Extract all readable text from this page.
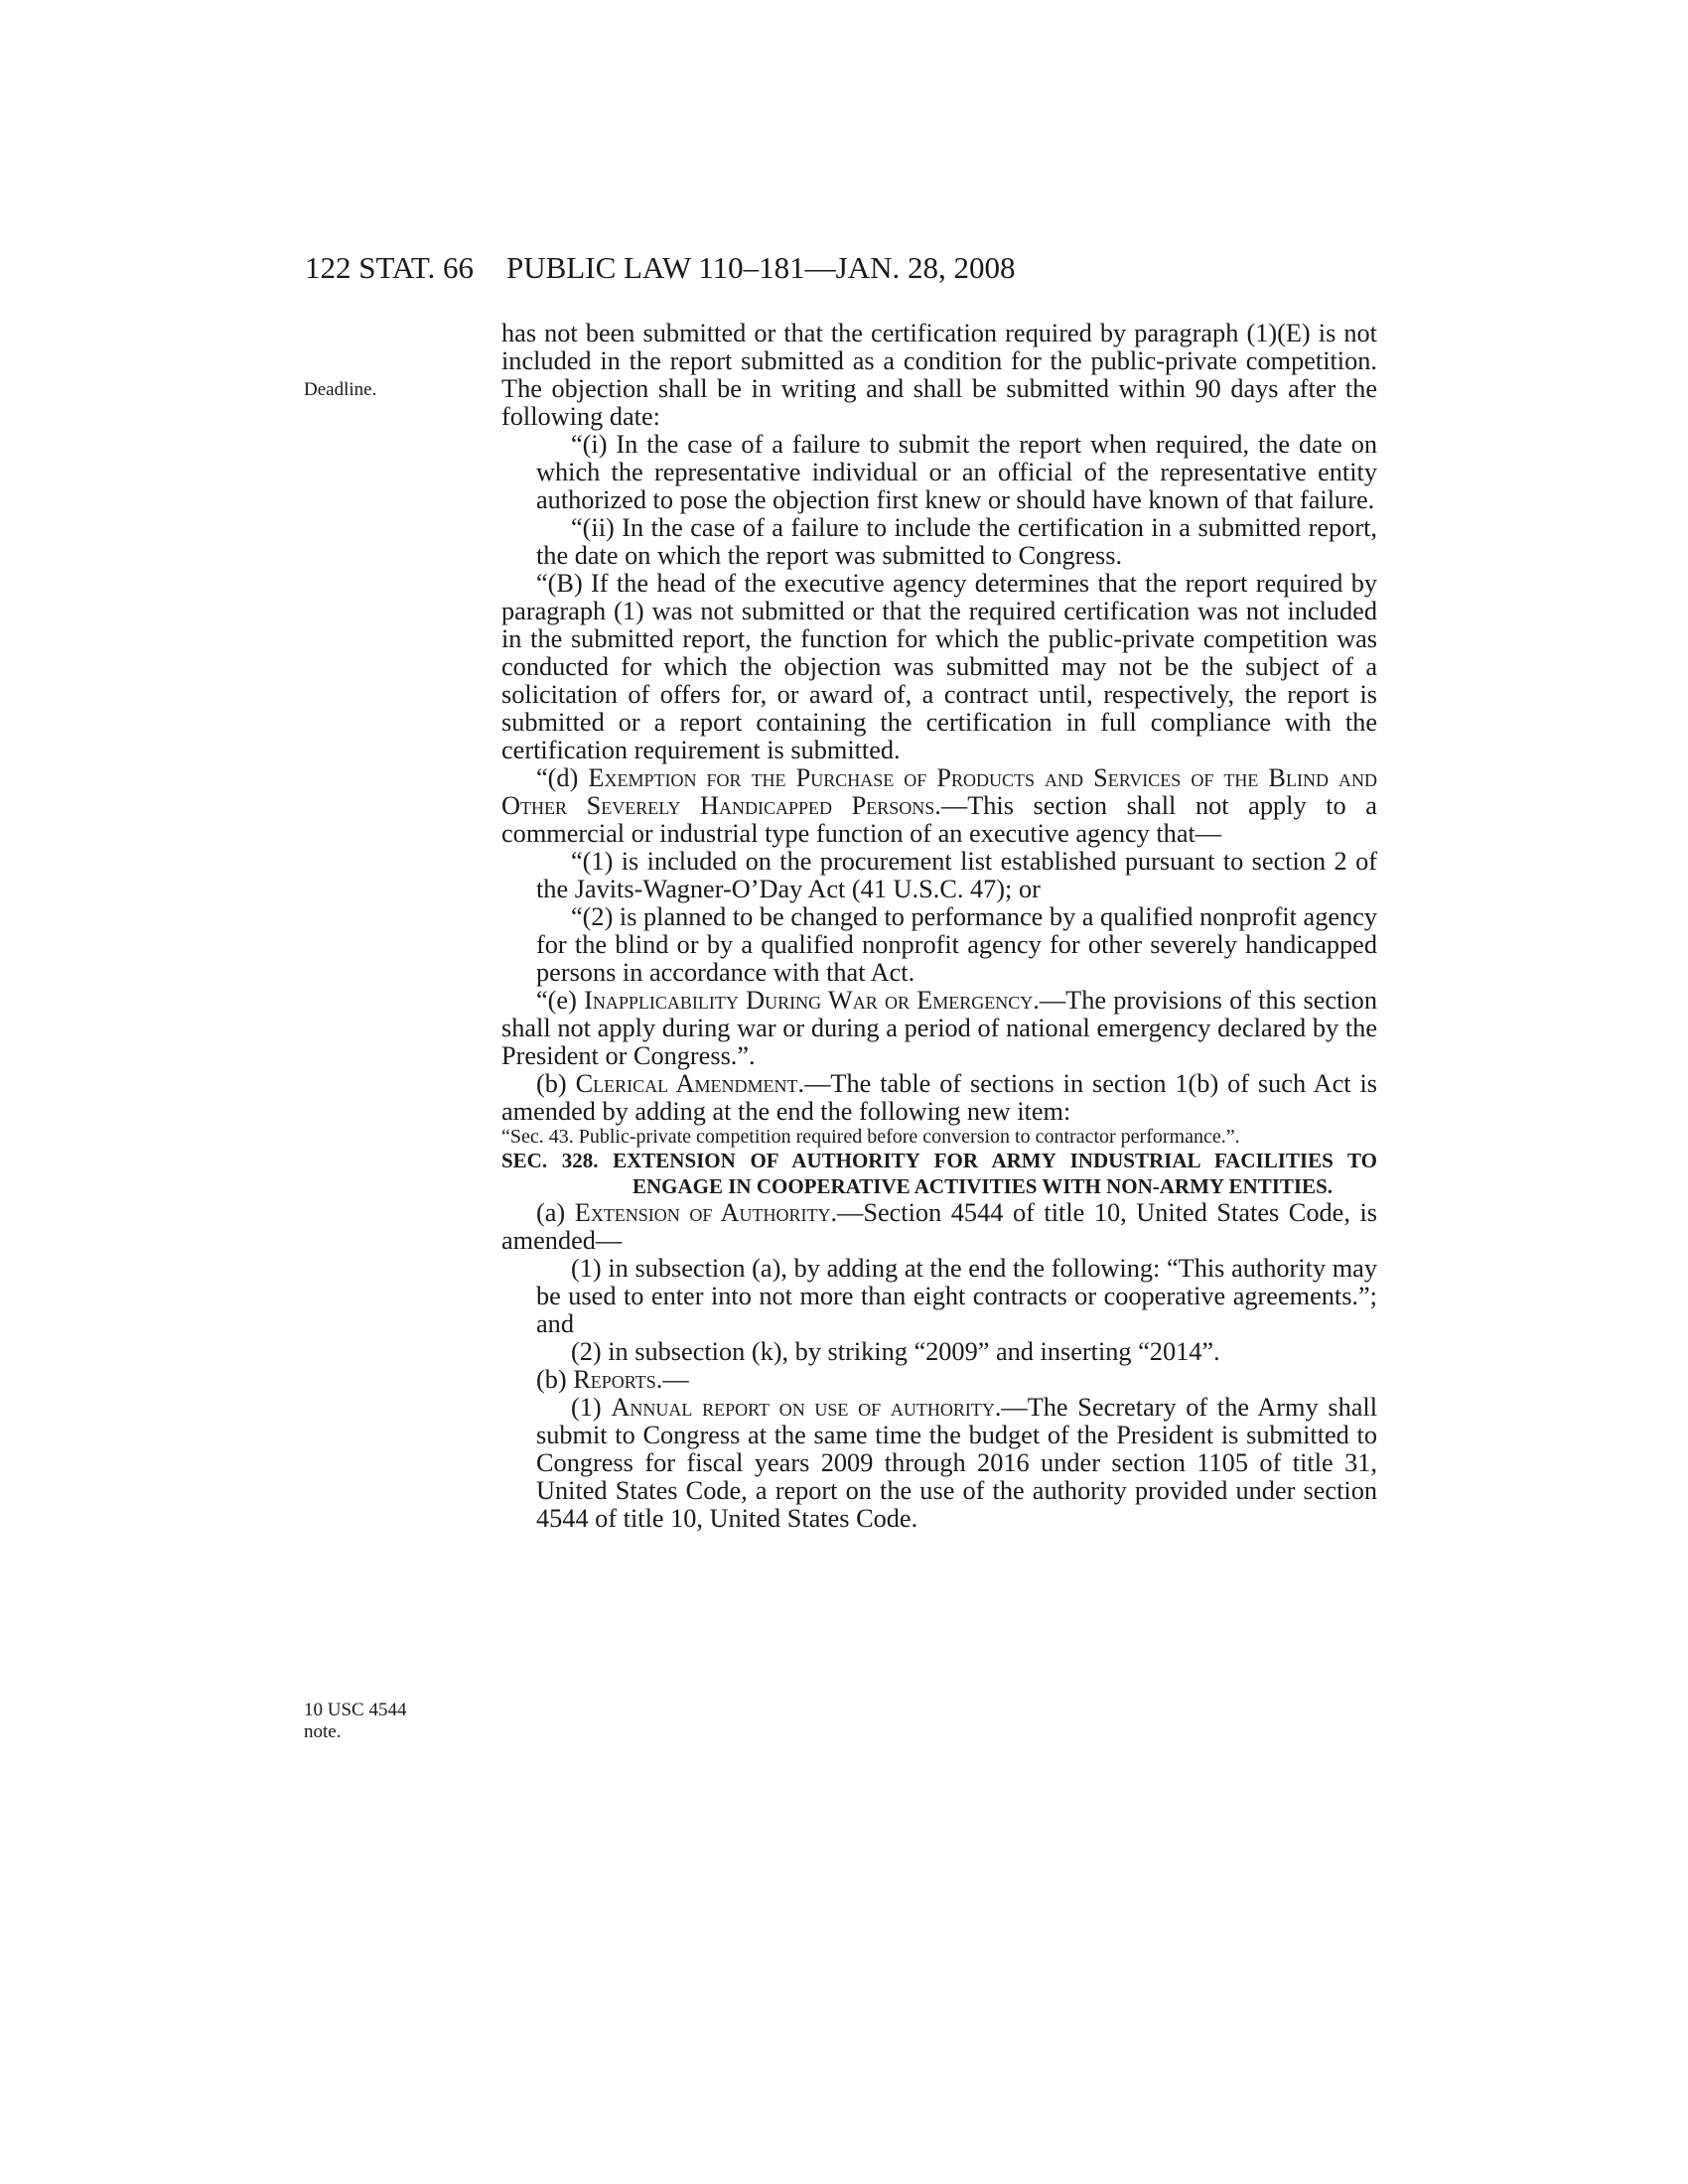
122 STAT. 66 PUBLIC LAW 110–181—JAN. 28, 2008
Deadline.
10 USC 4544
note.

has not been submitted or that the certification required by paragraph (1)(E) is not included in the report submitted as a condition for the public-private competition. The objection shall be in writing and shall be submitted within 90 days after the following date:

“(i) In the case of a failure to submit the report when required, the date on which the representative individual or an official of the representative entity authorized to pose the objection first knew or should have known of that failure.

“(ii) In the case of a failure to include the certification in a submitted report, the date on which the report was submitted to Congress.

“(B) If the head of the executive agency determines that the report required by paragraph (1) was not submitted or that the required certification was not included in the submitted report, the function for which the public-private competition was conducted for which the objection was submitted may not be the subject of a solicitation of offers for, or award of, a contract until, respectively, the report is submitted or a report containing the certification in full compliance with the certification requirement is submitted.

“(d) Exemption for the Purchase of Products and Services of the Blind and Other Severely Handicapped Persons.—This section shall not apply to a commercial or industrial type function of an executive agency that—

“(1) is included on the procurement list established pursuant to section 2 of the Javits-Wagner-O’Day Act (41 U.S.C. 47); or

“(2) is planned to be changed to performance by a qualified nonprofit agency for the blind or by a qualified nonprofit agency for other severely handicapped persons in accordance with that Act.

“(e) Inapplicability During War or Emergency.—The provisions of this section shall not apply during war or during a period of national emergency declared by the President or Congress.”.

(b) Clerical Amendment.—The table of sections in section 1(b) of such Act is amended by adding at the end the following new item:

“Sec. 43. Public-private competition required before conversion to contractor performance.”.

SEC. 328. EXTENSION OF AUTHORITY FOR ARMY INDUSTRIAL FACILITIES TO ENGAGE IN COOPERATIVE ACTIVITIES WITH NON-ARMY ENTITIES.

(a) Extension of Authority.—Section 4544 of title 10, United States Code, is amended—

(1) in subsection (a), by adding at the end the following: “This authority may be used to enter into not more than eight contracts or cooperative agreements.”; and

(2) in subsection (k), by striking “2009” and inserting “2014”.

(b) Reports.—

(1) Annual report on use of authority.—The Secretary of the Army shall submit to Congress at the same time the budget of the President is submitted to Congress for fiscal years 2009 through 2016 under section 1105 of title 31, United States Code, a report on the use of the authority provided under section 4544 of title 10, United States Code.
